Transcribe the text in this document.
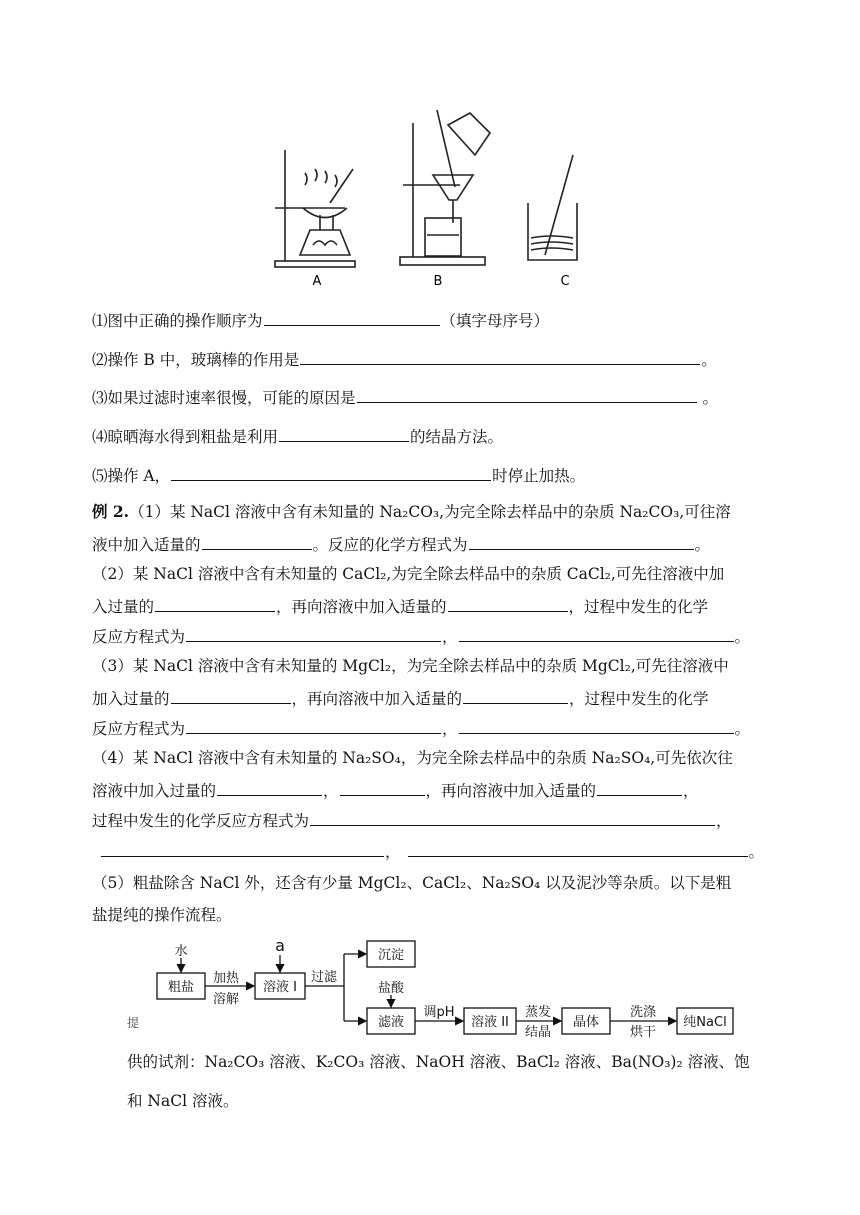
A	B	C
⑴图中正确的操作顺序为	（填字母序号）
⑵操作 B 中，玻璃棒的作用是	。
⑶如果过滤时速率很慢，可能的原因是	。
⑷晾晒海水得到粗盐是利用	的结晶方法。
⑸操作 A，	时停止加热。
例 2.（1）某 NaCl 溶液中含有未知量的 Na₂CO₃,为完全除去样品中的杂质 Na₂CO₃,可往溶
液中加入适量的	。反应的化学方程式为	。
（2）某 NaCl 溶液中含有未知量的 CaCl₂,为完全除去样品中的杂质 CaCl₂,可先往溶液中加
入过量的	，再向溶液中加入适量的	，过程中发生的化学
反应方程式为	，	。
（3）某 NaCl 溶液中含有未知量的 MgCl₂，为完全除去样品中的杂质 MgCl₂,可先往溶液中
加入过量的	，再向溶液中加入适量的	，过程中发生的化学
反应方程式为	，	。
（4）某 NaCl 溶液中含有未知量的 Na₂SO₄，为完全除去样品中的杂质 Na₂SO₄,可先依次往
溶液中加入过量的	，	，再向溶液中加入适量的	，
过程中发生的化学反应方程式为	，
，	。
（5）粗盐除含 NaCl 外，还含有少量 MgCl₂、CaCl₂、Na₂SO₄ 以及泥沙等杂质。以下是粗
盐提纯的操作流程。
水	a
粗盐
加热
溶解
溶液 I
过滤
沉淀
盐酸
滤液
调pH
溶液 II
蒸发
结晶
晶体
洗涤
烘干
纯NaCl
提
供的试剂：Na₂CO₃ 溶液、K₂CO₃ 溶液、NaOH 溶液、BaCl₂ 溶液、Ba(NO₃)₂ 溶液、饱
和 NaCl 溶液。
